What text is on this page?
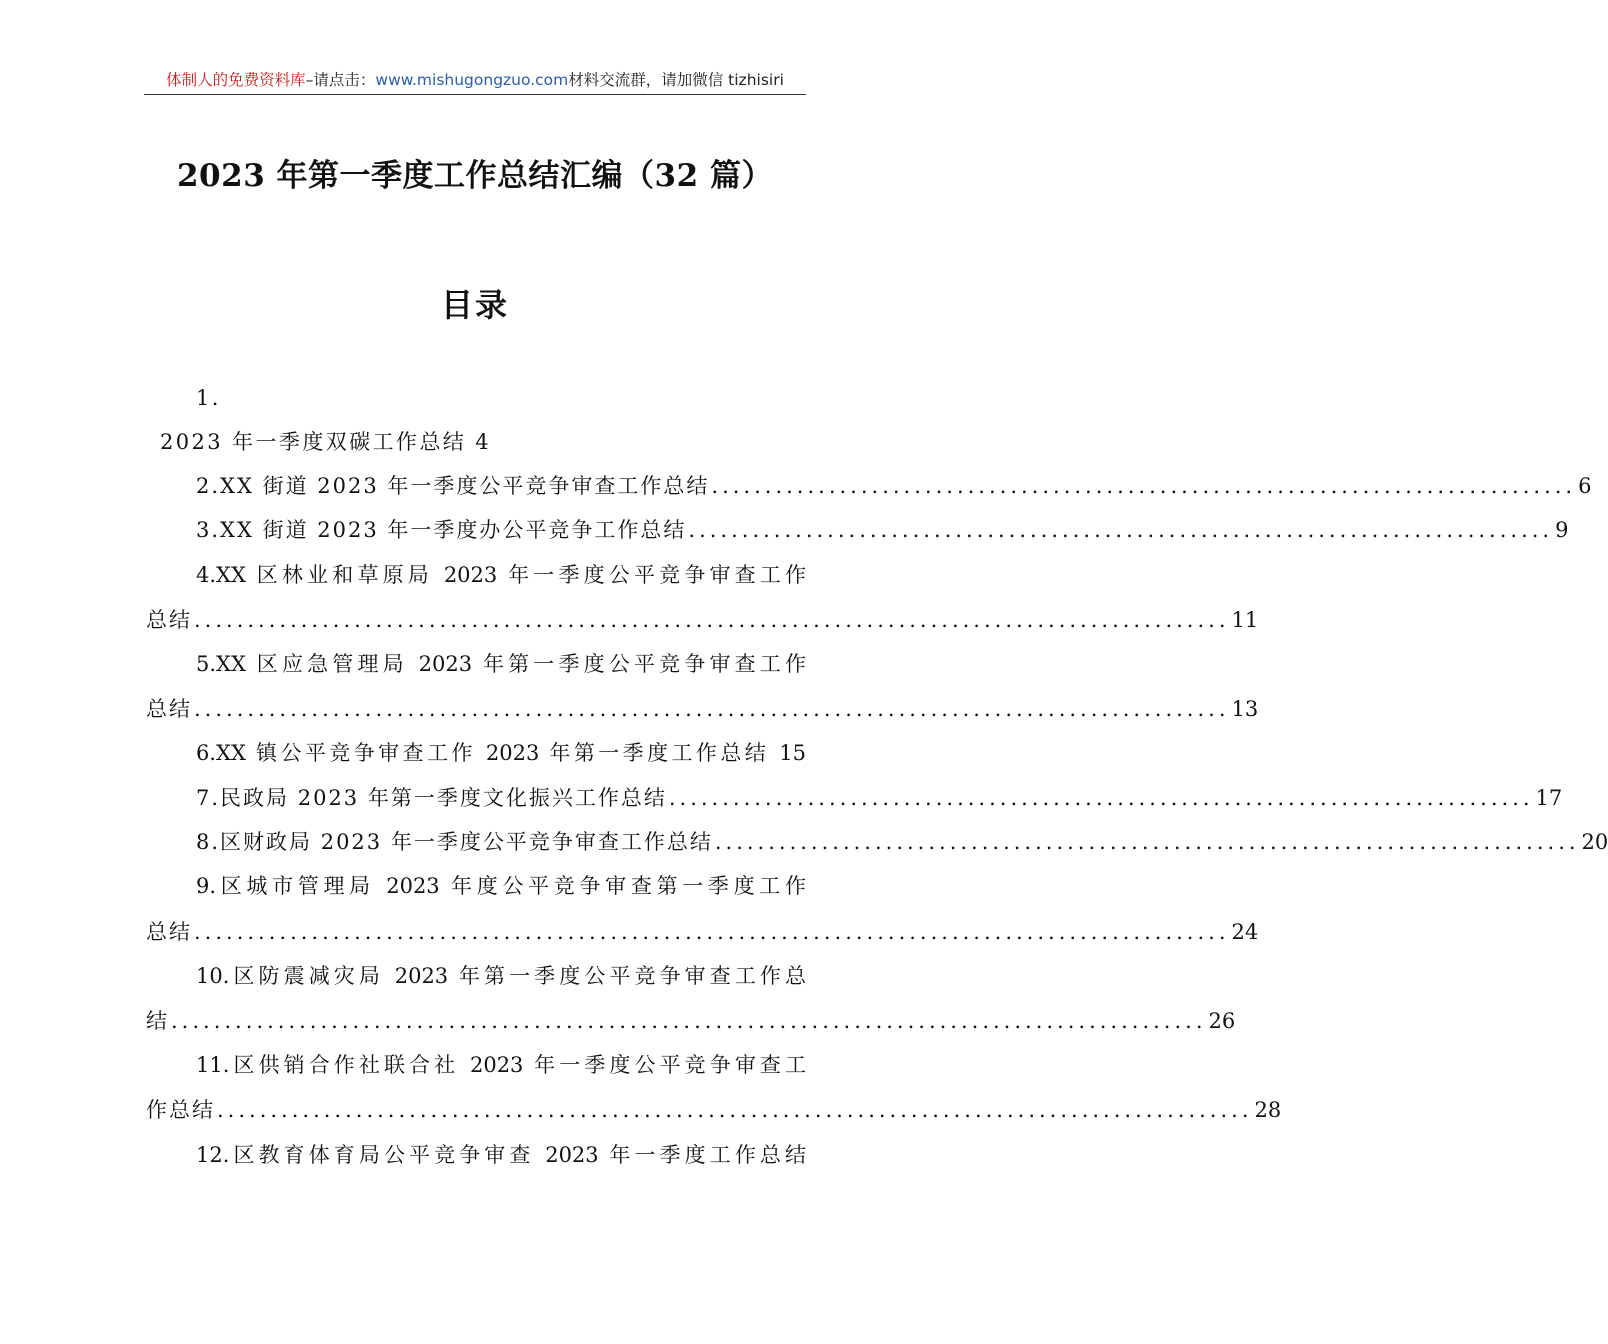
体制人的免费资料库–请点击：www.mishugongzuo.com材料交流群，请加微信 tizhisiri
2023 年第一季度工作总结汇编（32 篇）
目录
1.
2023 年一季度双碳工作总结 4
2.XX 街道 2023 年一季度公平竞争审查工作总结 ................................................................................. 6
3.XX 街道 2023 年一季度办公平竞争工作总结 ................................................................................. 9
4.XX 区林业和草原局 2023 年一季度公平竞争审查工作
总结 ................................................................................................. 11
5.XX 区应急管理局 2023 年第一季度公平竞争审查工作
总结 ................................................................................................. 13
6.XX 镇公平竞争审查工作 2023 年第一季度工作总结 15
7.民政局 2023 年第一季度文化振兴工作总结 ................................................................................. 17
8.区财政局 2023 年一季度公平竞争审查工作总结 ................................................................................. 20
9.区城市管理局 2023 年度公平竞争审查第一季度工作
总结 ................................................................................................. 24
10.区防震减灾局 2023 年第一季度公平竞争审查工作总
结 ................................................................................................. 26
11.区供销合作社联合社 2023 年一季度公平竞争审查工
作总结 ................................................................................................. 28
12.区教育体育局公平竞争审查 2023 年一季度工作总结
